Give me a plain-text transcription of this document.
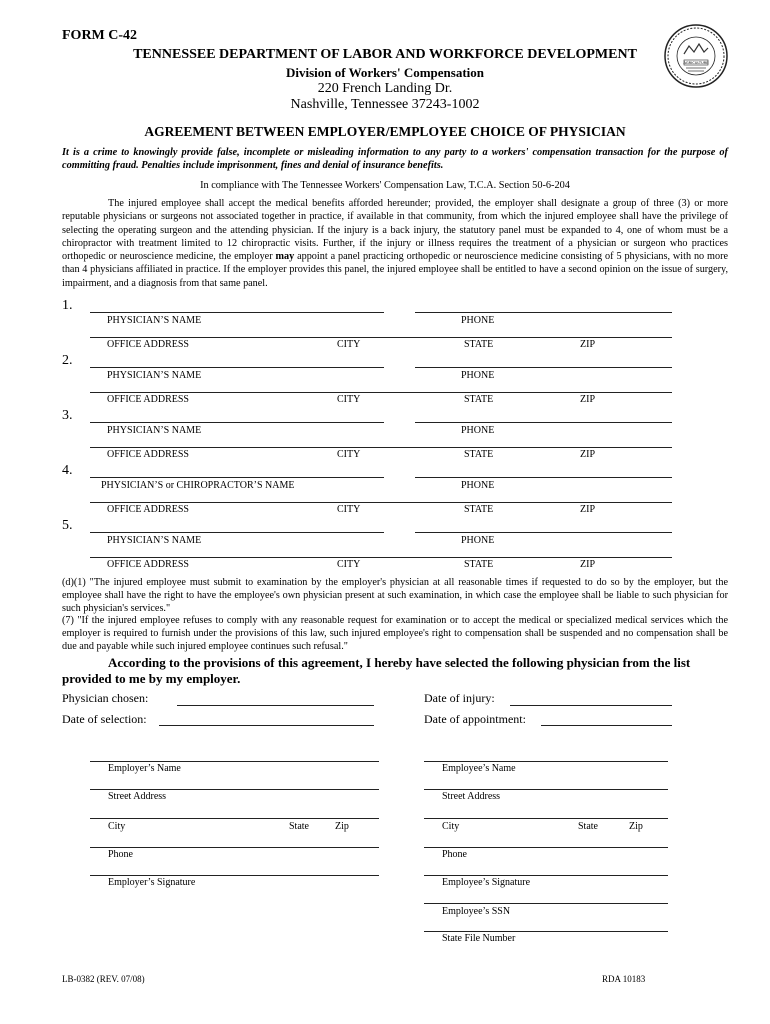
FORM C-42
TENNESSEE DEPARTMENT OF LABOR AND WORKFORCE DEVELOPMENT
Division of Workers' Compensation
220 French Landing Dr.
Nashville, Tennessee 37243-1002
AGRICULTURE
AGREEMENT BETWEEN EMPLOYER/EMPLOYEE CHOICE OF PHYSICIAN
It is a crime to knowingly provide false, incomplete or misleading information to any party to a workers' compensation transaction for the purpose of committing fraud. Penalties include imprisonment, fines and denial of insurance benefits.
In compliance with The Tennessee Workers' Compensation Law, T.C.A. Section 50-6-204
The injured employee shall accept the medical benefits afforded hereunder; provided, the employer shall designate a group of three (3) or more reputable physicians or surgeons not associated together in practice, if available in that community, from which the injured employee shall have the privilege of selecting the operating surgeon and the attending physician. If the injury is a back injury, the statutory panel must be expanded to 4, one of whom must be a chiropractor with treatment limited to 12 chiropractic visits. Further, if the injury or illness requires the treatment of a physician or surgeon who practices orthopedic or neuroscience medicine, the employer may appoint a panel practicing orthopedic or neuroscience medicine consisting of 5 physicians, with no more than 4 physicians affiliated in practice. If the employer provides this panel, the injured employee shall be entitled to have a second opinion on the issue of surgery, impairment, and a diagnosis from that same panel.
1.
PHYSICIAN’S NAME	PHONE
OFFICE ADDRESS	CITY	STATE	ZIP
2.
PHYSICIAN’S NAME	PHONE
OFFICE ADDRESS	CITY	STATE	ZIP
3.
PHYSICIAN’S NAME	PHONE
OFFICE ADDRESS	CITY	STATE	ZIP
4.
PHYSICIAN’S or CHIROPRACTOR’S NAME	PHONE
OFFICE ADDRESS	CITY	STATE	ZIP
5.
PHYSICIAN’S NAME	PHONE
OFFICE ADDRESS	CITY	STATE	ZIP

(d)(1) "The injured employee must submit to examination by the employer's physician at all reasonable times if requested to do so by the employer, but the employee shall have the right to have the employee's own physician present at such examination, in which case the employee shall be liable to such physician for such physician's services."

(7) "If the injured employee refuses to comply with any reasonable request for examination or to accept the medical or specialized medical services which the employer is required to furnish under the provisions of this law, such injured employee's right to compensation shall be suspended and no compensation shall be due and payable while such injured employee continues such refusal."

According to the provisions of this agreement, I hereby have selected the following physician from the list provided to me by my employer.
Physician chosen:	Date of injury:
Date of selection:	Date of appointment:
Employer’s Name
Street Address
City	State	Zip
Phone
Employer’s Signature
Employee’s Name
Street Address
City	State	Zip
Phone
Employee’s Signature
Employee’s SSN
State File Number
LB-0382 (REV. 07/08)	RDA 10183
